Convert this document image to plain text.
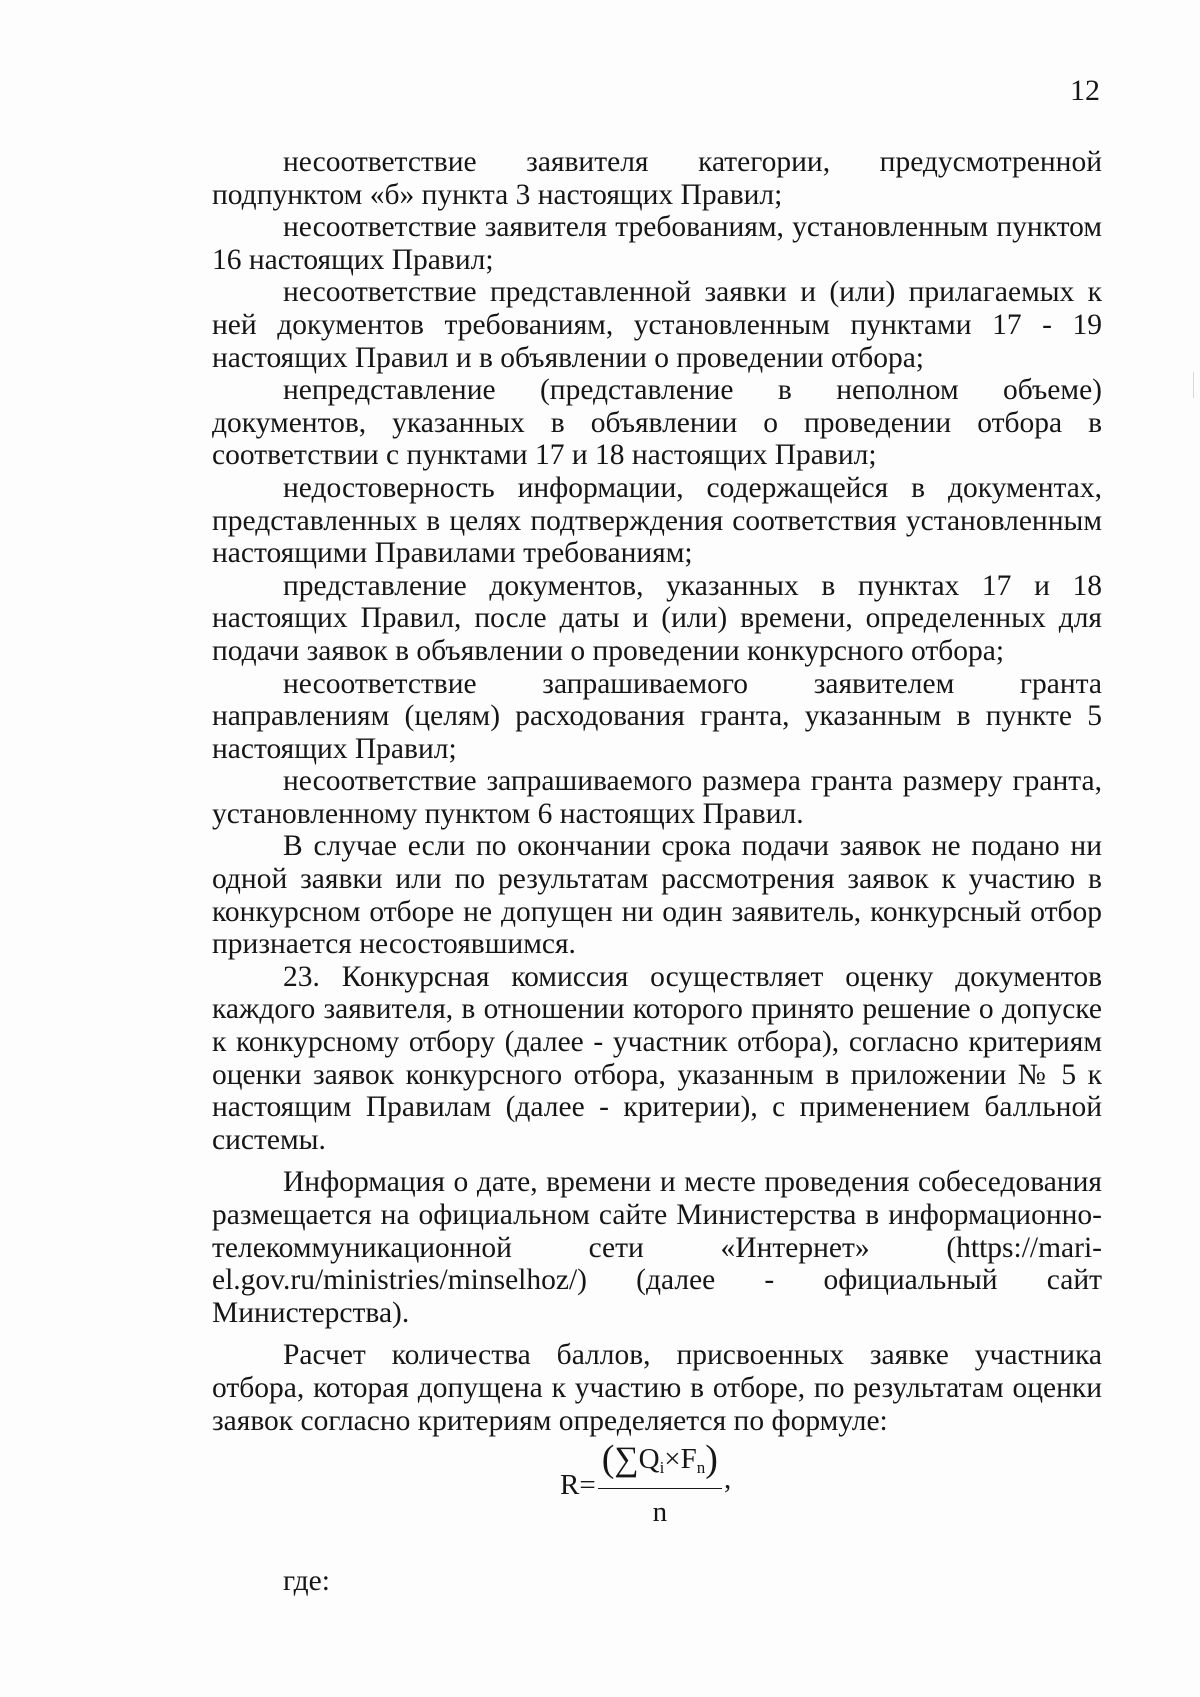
12

несоответствие заявителя категории, предусмотренной подпунктом «б» пункта 3 настоящих Правил;

несоответствие заявителя требованиям, установленным пунктом 16 настоящих Правил;

несоответствие представленной заявки и (или) прилагаемых к ней документов требованиям, установленным пунктами 17 - 19 настоящих Правил и в объявлении о проведении отбора;

непредставление (представление в неполном объеме) документов, указанных в объявлении о проведении отбора в соответствии с пунктами 17 и 18 настоящих Правил;

недостоверность информации, содержащейся в документах, представленных в целях подтверждения соответствия установленным настоящими Правилами требованиям;

представление документов, указанных в пунктах 17 и 18 настоящих Правил, после даты и (или) времени, определенных для подачи заявок в объявлении о проведении конкурсного отбора;

несоответствие запрашиваемого заявителем гранта направлениям (целям) расходования гранта, указанным в пункте 5 настоящих Правил;

несоответствие запрашиваемого размера гранта размеру гранта, установленному пунктом 6 настоящих Правил.

В случае если по окончании срока подачи заявок не подано ни одной заявки или по результатам рассмотрения заявок к участию в конкурсном отборе не допущен ни один заявитель, конкурсный отбор признается несостоявшимся.

23. Конкурсная комиссия осуществляет оценку документов каждого заявителя, в отношении которого принято решение о допуске к конкурсному отбору (далее - участник отбора), согласно критериям оценки заявок конкурсного отбора, указанным в приложении № 5 к настоящим Правилам (далее - критерии), с применением балльной системы.

Информация о дате, времени и месте проведения собеседования размещается на официальном сайте Министерства в информационно-телекоммуникационной сети «Интернет» (https://mari-el.gov.ru/ministries/minselhoz/) (далее - официальный сайт Министерства).

Расчет количества баллов, присвоенных заявке участника отбора, которая допущена к участию в отборе, по результатам оценки заявок согласно критериям определяется по формуле:

$R= \frac{(\sum Q_i\times F_n)}{n}$ ,
где:
